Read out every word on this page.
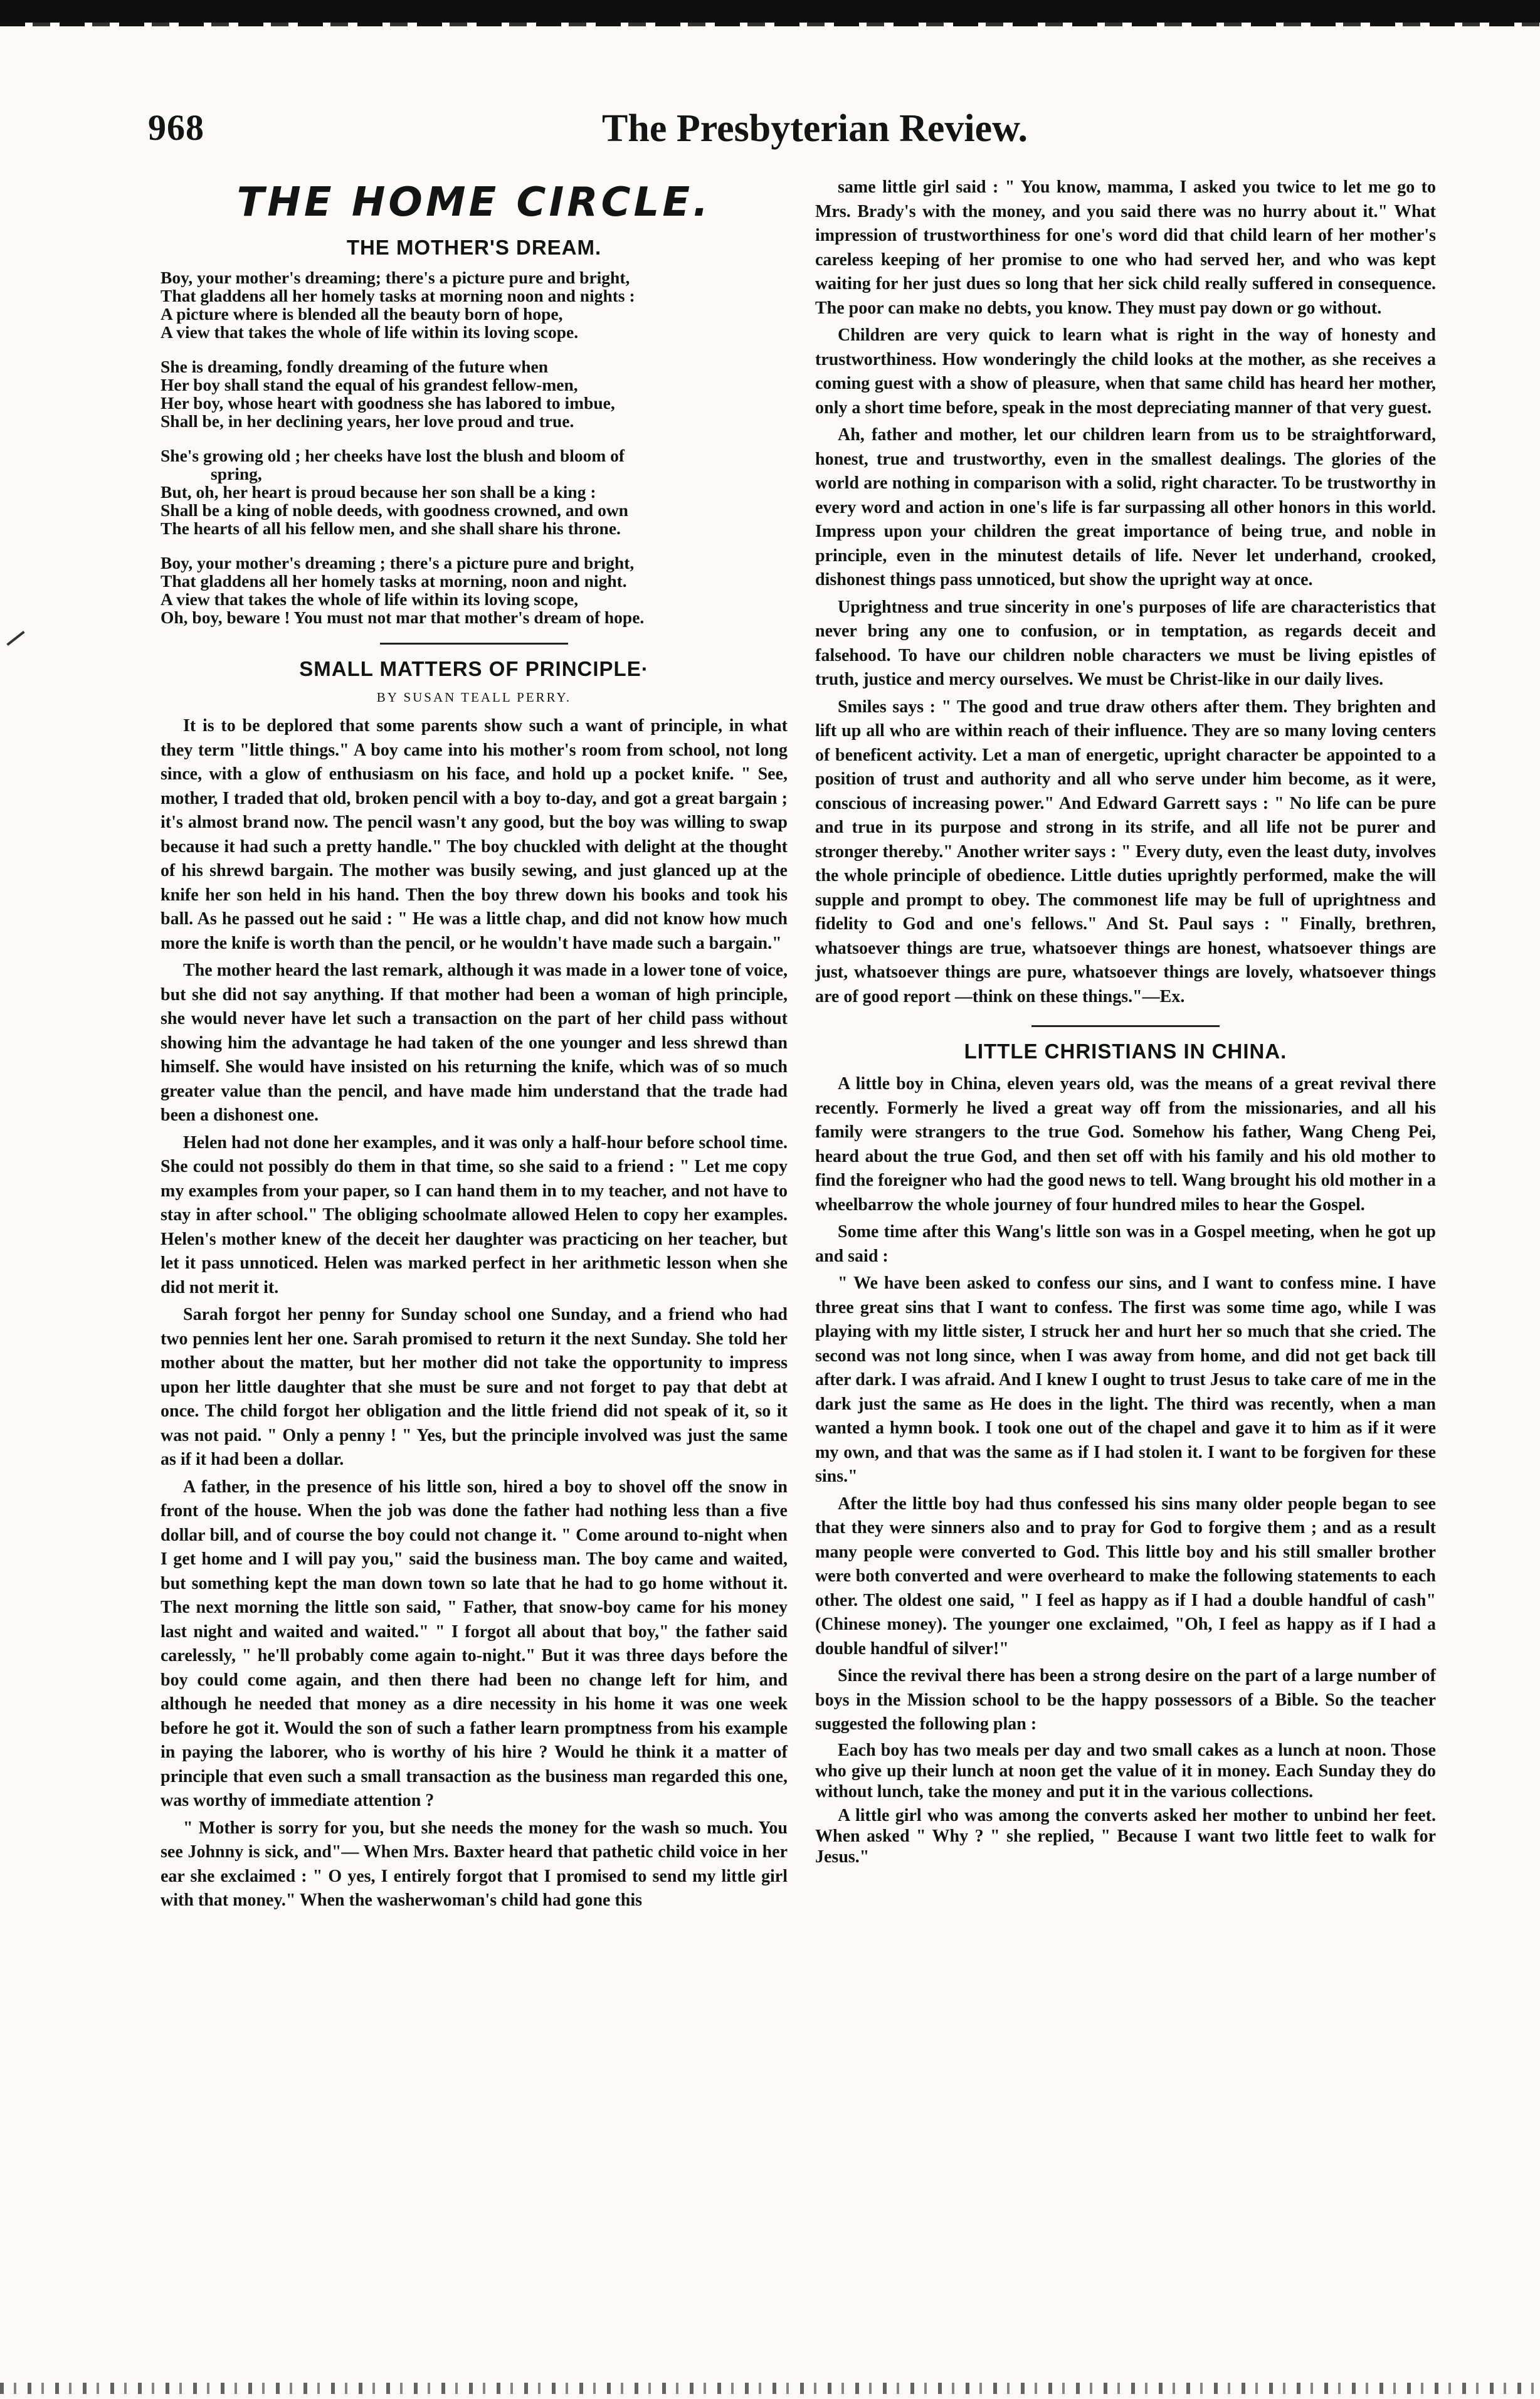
968	The Presbyterian Review.
THE HOME CIRCLE.
THE MOTHER'S DREAM.
Boy, your mother's dreaming; there's a picture pure and bright,
That gladdens all her homely tasks at morning noon and nights :
A picture where is blended all the beauty born of hope,
A view that takes the whole of life within its loving scope.
She is dreaming, fondly dreaming of the future when
Her boy shall stand the equal of his grandest fellow-men,
Her boy, whose heart with goodness she has labored to imbue,
Shall be, in her declining years, her love proud and true.
She's growing old ; her cheeks have lost the blush and bloom of
spring,
But, oh, her heart is proud because her son shall be a king :
Shall be a king of noble deeds, with goodness crowned, and own
The hearts of all his fellow men, and she shall share his throne.
Boy, your mother's dreaming ; there's a picture pure and bright,
That gladdens all her homely tasks at morning, noon and night.
A view that takes the whole of life within its loving scope,
Oh, boy, beware ! You must not mar that mother's dream of hope.
SMALL MATTERS OF PRINCIPLE·
BY SUSAN TEALL PERRY.

It is to be deplored that some parents show such a want of principle, in what they term "little things." A boy came into his mother's room from school, not long since, with a glow of enthusiasm on his face, and hold up a pocket knife. " See, mother, I traded that old, broken pencil with a boy to-day, and got a great bargain ; it's almost brand now. The pencil wasn't any good, but the boy was willing to swap because it had such a pretty handle." The boy chuckled with delight at the thought of his shrewd bargain. The mother was busily sewing, and just glanced up at the knife her son held in his hand. Then the boy threw down his books and took his ball. As he passed out he said : " He was a little chap, and did not know how much more the knife is worth than the pencil, or he wouldn't have made such a bargain."

The mother heard the last remark, although it was made in a lower tone of voice, but she did not say anything. If that mother had been a woman of high principle, she would never have let such a transaction on the part of her child pass without showing him the advantage he had taken of the one younger and less shrewd than himself. She would have insisted on his returning the knife, which was of so much greater value than the pencil, and have made him understand that the trade had been a dishonest one.

Helen had not done her examples, and it was only a half-hour before school time. She could not possibly do them in that time, so she said to a friend : " Let me copy my examples from your paper, so I can hand them in to my teacher, and not have to stay in after school." The obliging schoolmate allowed Helen to copy her examples. Helen's mother knew of the deceit her daughter was practicing on her teacher, but let it pass unnoticed. Helen was marked perfect in her arithmetic lesson when she did not merit it.

Sarah forgot her penny for Sunday school one Sunday, and a friend who had two pennies lent her one. Sarah promised to return it the next Sunday. She told her mother about the matter, but her mother did not take the opportunity to impress upon her little daughter that she must be sure and not forget to pay that debt at once. The child forgot her obligation and the little friend did not speak of it, so it was not paid. " Only a penny ! " Yes, but the principle involved was just the same as if it had been a dollar.

A father, in the presence of his little son, hired a boy to shovel off the snow in front of the house. When the job was done the father had nothing less than a five dollar bill, and of course the boy could not change it. " Come around to-night when I get home and I will pay you," said the business man. The boy came and waited, but something kept the man down town so late that he had to go home without it. The next morning the little son said, " Father, that snow-boy came for his money last night and waited and waited." " I forgot all about that boy," the father said carelessly, " he'll probably come again to-night." But it was three days before the boy could come again, and then there had been no change left for him, and although he needed that money as a dire necessity in his home it was one week before he got it. Would the son of such a father learn promptness from his example in paying the laborer, who is worthy of his hire ? Would he think it a matter of principle that even such a small transaction as the business man regarded this one, was worthy of immediate attention ?

" Mother is sorry for you, but she needs the money for the wash so much. You see Johnny is sick, and"— When Mrs. Baxter heard that pathetic child voice in her ear she exclaimed : " O yes, I entirely forgot that I promised to send my little girl with that money." When the washerwoman's child had gone this

same little girl said : " You know, mamma, I asked you twice to let me go to Mrs. Brady's with the money, and you said there was no hurry about it." What impression of trustworthiness for one's word did that child learn of her mother's careless keeping of her promise to one who had served her, and who was kept waiting for her just dues so long that her sick child really suffered in consequence. The poor can make no debts, you know. They must pay down or go without.

Children are very quick to learn what is right in the way of honesty and trustworthiness. How wonderingly the child looks at the mother, as she receives a coming guest with a show of pleasure, when that same child has heard her mother, only a short time before, speak in the most depreciating manner of that very guest.

Ah, father and mother, let our children learn from us to be straightforward, honest, true and trustworthy, even in the smallest dealings. The glories of the world are nothing in comparison with a solid, right character. To be trustworthy in every word and action in one's life is far surpassing all other honors in this world. Impress upon your children the great importance of being true, and noble in principle, even in the minutest details of life. Never let underhand, crooked, dishonest things pass unnoticed, but show the upright way at once.

Uprightness and true sincerity in one's purposes of life are characteristics that never bring any one to confusion, or in temptation, as regards deceit and falsehood. To have our children noble characters we must be living epistles of truth, justice and mercy ourselves. We must be Christ-like in our daily lives.

Smiles says : " The good and true draw others after them. They brighten and lift up all who are within reach of their influence. They are so many loving centers of beneficent activity. Let a man of energetic, upright character be appointed to a position of trust and authority and all who serve under him become, as it were, conscious of increasing power." And Edward Garrett says : " No life can be pure and true in its purpose and strong in its strife, and all life not be purer and stronger thereby." Another writer says : " Every duty, even the least duty, involves the whole principle of obedience. Little duties uprightly performed, make the will supple and prompt to obey. The commonest life may be full of uprightness and fidelity to God and one's fellows." And St. Paul says : " Finally, brethren, whatsoever things are true, whatsoever things are honest, whatsoever things are just, whatsoever things are pure, whatsoever things are lovely, whatsoever things are of good report —think on these things."—Ex.

LITTLE CHRISTIANS IN CHINA.

A little boy in China, eleven years old, was the means of a great revival there recently. Formerly he lived a great way off from the missionaries, and all his family were strangers to the true God. Somehow his father, Wang Cheng Pei, heard about the true God, and then set off with his family and his old mother to find the foreigner who had the good news to tell. Wang brought his old mother in a wheelbarrow the whole journey of four hundred miles to hear the Gospel.

Some time after this Wang's little son was in a Gospel meeting, when he got up and said :

" We have been asked to confess our sins, and I want to confess mine. I have three great sins that I want to confess. The first was some time ago, while I was playing with my little sister, I struck her and hurt her so much that she cried. The second was not long since, when I was away from home, and did not get back till after dark. I was afraid. And I knew I ought to trust Jesus to take care of me in the dark just the same as He does in the light. The third was recently, when a man wanted a hymn book. I took one out of the chapel and gave it to him as if it were my own, and that was the same as if I had stolen it. I want to be forgiven for these sins."

After the little boy had thus confessed his sins many older people began to see that they were sinners also and to pray for God to forgive them ; and as a result many people were converted to God. This little boy and his still smaller brother were both converted and were overheard to make the following statements to each other. The oldest one said, " I feel as happy as if I had a double handful of cash" (Chinese money). The younger one exclaimed, "Oh, I feel as happy as if I had a double handful of silver!"

Since the revival there has been a strong desire on the part of a large number of boys in the Mission school to be the happy possessors of a Bible. So the teacher suggested the following plan :

Each boy has two meals per day and two small cakes as a lunch at noon. Those who give up their lunch at noon get the value of it in money. Each Sunday they do without lunch, take the money and put it in the various collections.

A little girl who was among the converts asked her mother to unbind her feet. When asked " Why ? " she replied, " Because I want two little feet to walk for Jesus."
